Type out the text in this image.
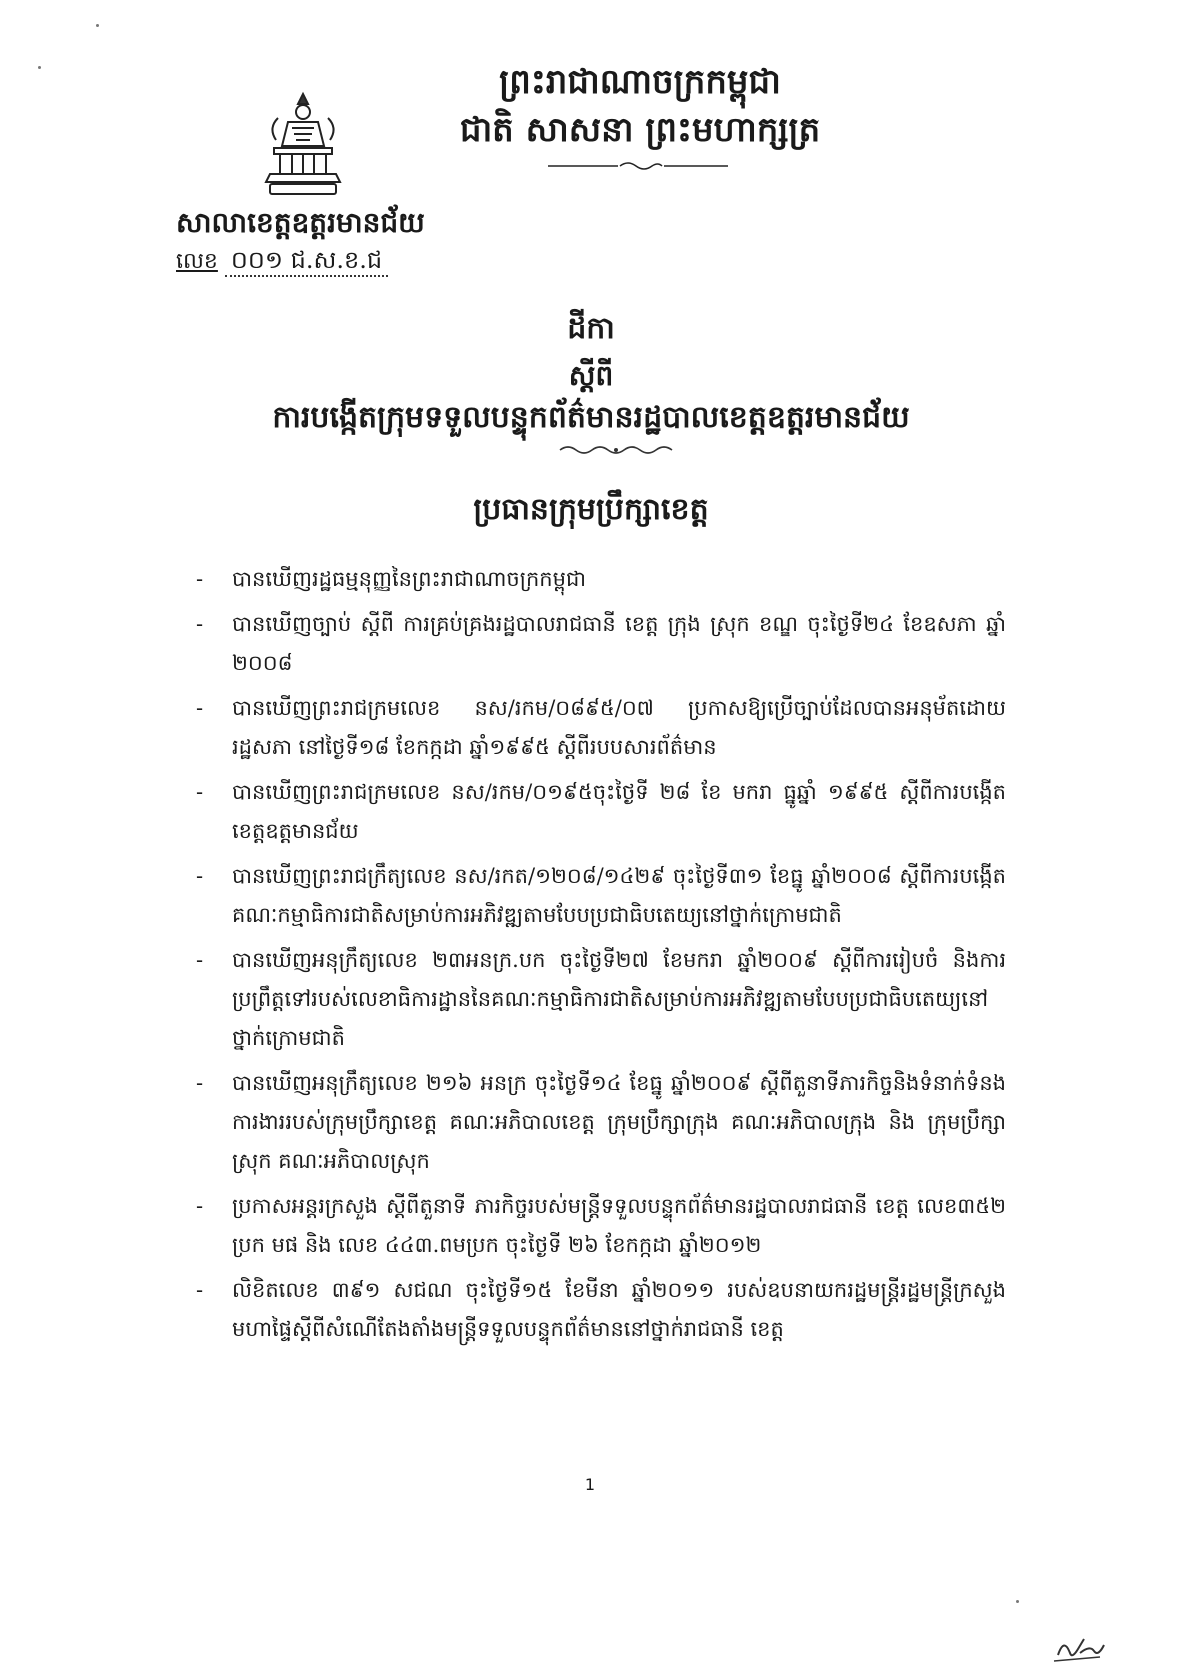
ព្រះរាជាណាចក្រកម្ពុជា
ជាតិ សាសនា ព្រះមហាក្សត្រ
សាលាខេត្តឧត្តរមានជ័យ
លេខ ០០១ ជ.ស.ខ.ជ
ដីកា
ស្តីពី
ការបង្កើតក្រុមទទួលបន្ទុកព័ត៌មានរដ្ឋបាលខេត្តឧត្តរមានជ័យ
ប្រធានក្រុមប្រឹក្សាខេត្ត
- បានឃើញរដ្ឋធម្មនុញ្ញនៃព្រះរាជាណាចក្រកម្ពុជា
- បានឃើញច្បាប់ ស្តីពី ការគ្រប់គ្រងរដ្ឋបាលរាជធានី ខេត្ត ក្រុង ស្រុក ខណ្ឌ ចុះថ្ងៃទី២៤ ខែឧសភា ឆ្នាំ ២០០៨
- បានឃើញព្រះរាជក្រមលេខ នស/រកម/០៨៩៥/០៧ ប្រកាសឱ្យប្រើច្បាប់ដែលបានអនុម័តដោយរដ្ឋសភា នៅថ្ងៃទី១៨ ខែកក្កដា ឆ្នាំ១៩៩៥ ស្តីពីរបបសារព័ត៌មាន
- បានឃើញព្រះរាជក្រមលេខ នស/រកម/០១៩៥ចុះថ្ងៃទី ២៨ ខែ មករា ធ្នូឆ្នាំ ១៩៩៥ ស្តីពីការបង្កើតខេត្តឧត្តមានជ័យ
- បានឃើញព្រះរាជក្រឹត្យលេខ នស/រកត/១២០៨/១៤២៩ ចុះថ្ងៃទី៣១ ខែធ្នូ ឆ្នាំ២០០៨ ស្តីពីការបង្កើតគណៈកម្មាធិការជាតិសម្រាប់ការអភិវឌ្ឍតាមបែបប្រជាធិបតេយ្យនៅថ្នាក់ក្រោមជាតិ
- បានឃើញអនុក្រឹត្យលេខ ២៣អនក្រ.បក ចុះថ្ងៃទី២៧ ខែមករា ឆ្នាំ២០០៩ ស្តីពីការរៀបចំ និងការប្រព្រឹត្តទៅរបស់លេខាធិការដ្ឋាននៃគណៈកម្មាធិការជាតិសម្រាប់ការអភិវឌ្ឍតាមបែបប្រជាធិបតេយ្យនៅថ្នាក់ក្រោមជាតិ
- បានឃើញអនុក្រឹត្យលេខ ២១៦ អនក្រ ចុះថ្ងៃទី១៤ ខែធ្នូ ឆ្នាំ២០០៩ ស្តីពីតួនាទីភារកិច្ចនិងទំនាក់ទំនងការងាររបស់ក្រុមប្រឹក្សាខេត្ត គណៈអភិបាលខេត្ត ក្រុមប្រឹក្សាក្រុង គណៈអភិបាលក្រុង និង ក្រុមប្រឹក្សាស្រុក គណៈអភិបាលស្រុក
- ប្រកាសអន្តរក្រសួង ស្តីពីតួនាទី ភារកិច្ចរបស់មន្ត្រីទទួលបន្ទុកព័ត៌មានរដ្ឋបាលរាជធានី ខេត្ត លេខ៣៥២ ប្រក មផ និង លេខ ៤៤៣.ពមប្រក ចុះថ្ងៃទី ២៦ ខែកក្កដា ឆ្នាំ២០១២
- លិខិតលេខ ៣៩១ សជណ ចុះថ្ងៃទី១៥ ខែមីនា ឆ្នាំ២០១១ របស់ឧបនាយករដ្ឋមន្ត្រីរដ្ឋមន្ត្រីក្រសួងមហាផ្ទៃស្តីពីសំណើតែងតាំងមន្ត្រីទទួលបន្ទុកព័ត៌មាននៅថ្នាក់រាជធានី ខេត្ត
1
